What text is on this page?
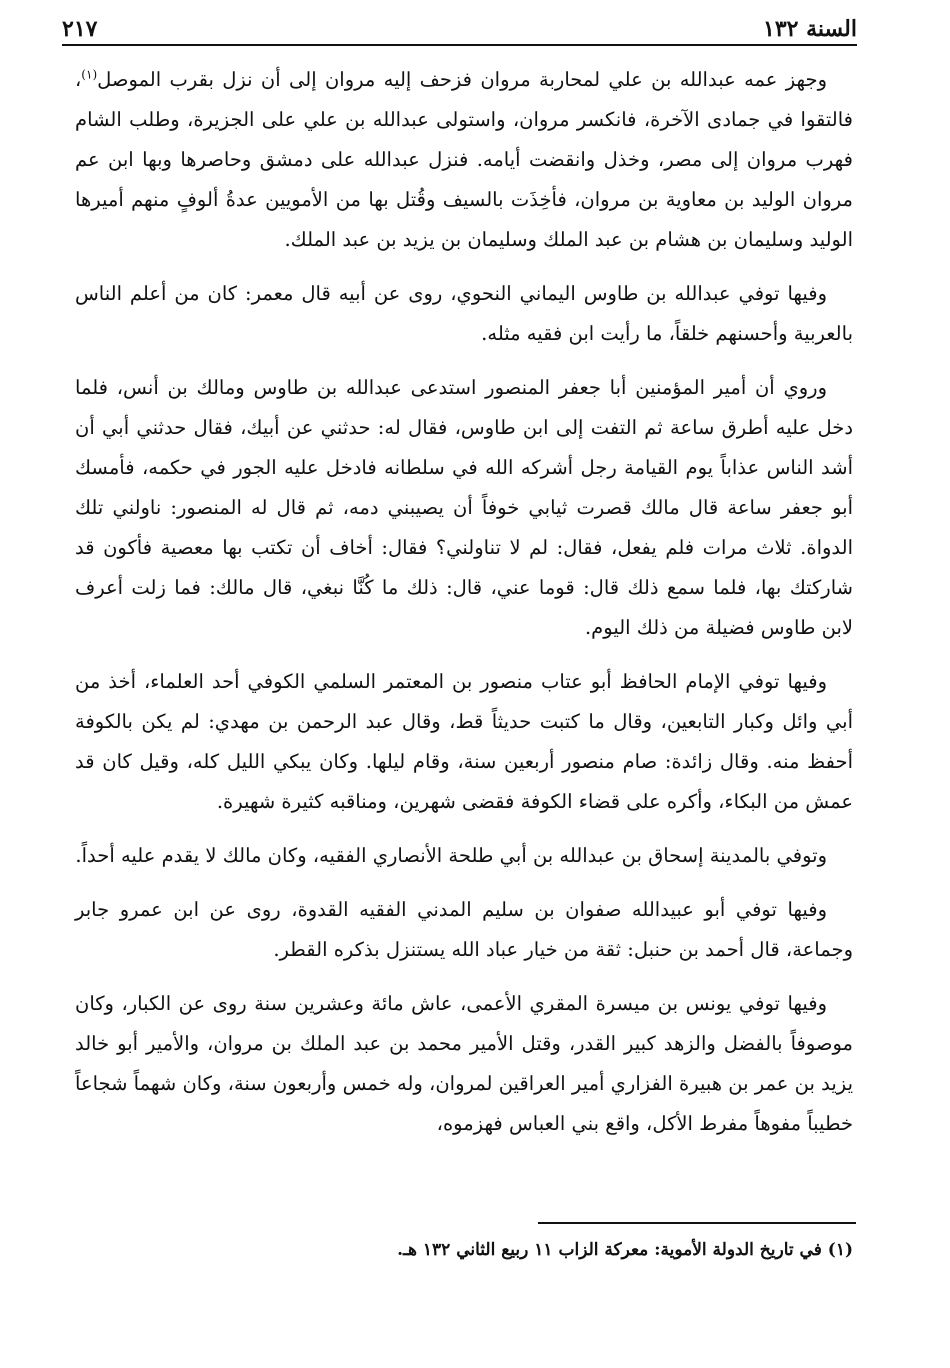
٢١٧	السنة ١٣٢

وجهز عمه عبدالله بن علي لمحاربة مروان فزحف إليه مروان إلى أن نزل بقرب الموصل$^{(١)}$، فالتقوا في جمادى الآخرة، فانكسر مروان، واستولى عبدالله بن علي على الجزيرة، وطلب الشام فهرب مروان إلى مصر، وخذل وانقضت أيامه. فنزل عبدالله على دمشق وحاصرها وبها ابن عم مروان الوليد بن معاوية بن مروان، فأخِذَت بالسيف وقُتل بها من الأمويين عدةُ ألوفٍ منهم أميرها الوليد وسليمان بن هشام بن عبد الملك وسليمان بن يزيد بن عبد الملك.

وفيها توفي عبدالله بن طاوس اليماني النحوي، روى عن أبيه قال معمر: كان من أعلم الناس بالعربية وأحسنهم خلقاً، ما رأيت ابن فقيه مثله.

وروي أن أمير المؤمنين أبا جعفر المنصور استدعى عبدالله بن طاوس ومالك بن أنس، فلما دخل عليه أطرق ساعة ثم التفت إلى ابن طاوس، فقال له: حدثني عن أبيك، فقال حدثني أبي أن أشد الناس عذاباً يوم القيامة رجل أشركه الله في سلطانه فادخل عليه الجور في حكمه، فأمسك أبو جعفر ساعة قال مالك قصرت ثيابي خوفاً أن يصيبني دمه، ثم قال له المنصور: ناولني تلك الدواة. ثلاث مرات فلم يفعل، فقال: لم لا تناولني؟ فقال: أخاف أن تكتب بها معصية فأكون قد شاركتك بها، فلما سمع ذلك قال: قوما عني، قال: ذلك ما كُنَّا نبغي، قال مالك: فما زلت أعرف لابن طاوس فضيلة من ذلك اليوم.

وفيها توفي الإمام الحافظ أبو عتاب منصور بن المعتمر السلمي الكوفي أحد العلماء، أخذ من أبي وائل وكبار التابعين، وقال ما كتبت حديثاً قط، وقال عبد الرحمن بن مهدي: لم يكن بالكوفة أحفظ منه. وقال زائدة: صام منصور أربعين سنة، وقام ليلها. وكان يبكي الليل كله، وقيل كان قد عمش من البكاء، وأكره على قضاء الكوفة فقضى شهرين، ومناقبه كثيرة شهيرة.

وتوفي بالمدينة إسحاق بن عبدالله بن أبي طلحة الأنصاري الفقيه، وكان مالك لا يقدم عليه أحداً.

وفيها توفي أبو عبيدالله صفوان بن سليم المدني الفقيه القدوة، روى عن ابن عمرو جابر وجماعة، قال أحمد بن حنبل: ثقة من خيار عباد الله يستنزل بذكره القطر.

وفيها توفي يونس بن ميسرة المقري الأعمى، عاش مائة وعشرين سنة روى عن الكبار، وكان موصوفاً بالفضل والزهد كبير القدر، وقتل الأمير محمد بن عبد الملك بن مروان، والأمير أبو خالد يزيد بن عمر بن هبيرة الفزاري أمير العراقين لمروان، وله خمس وأربعون سنة، وكان شهماً شجاعاً خطيباً مفوهاً مفرط الأكل، واقع بني العباس فهزموه،

(١) في تاريخ الدولة الأموية: معركة الزاب ١١ ربيع الثاني ١٣٢ هـ.
